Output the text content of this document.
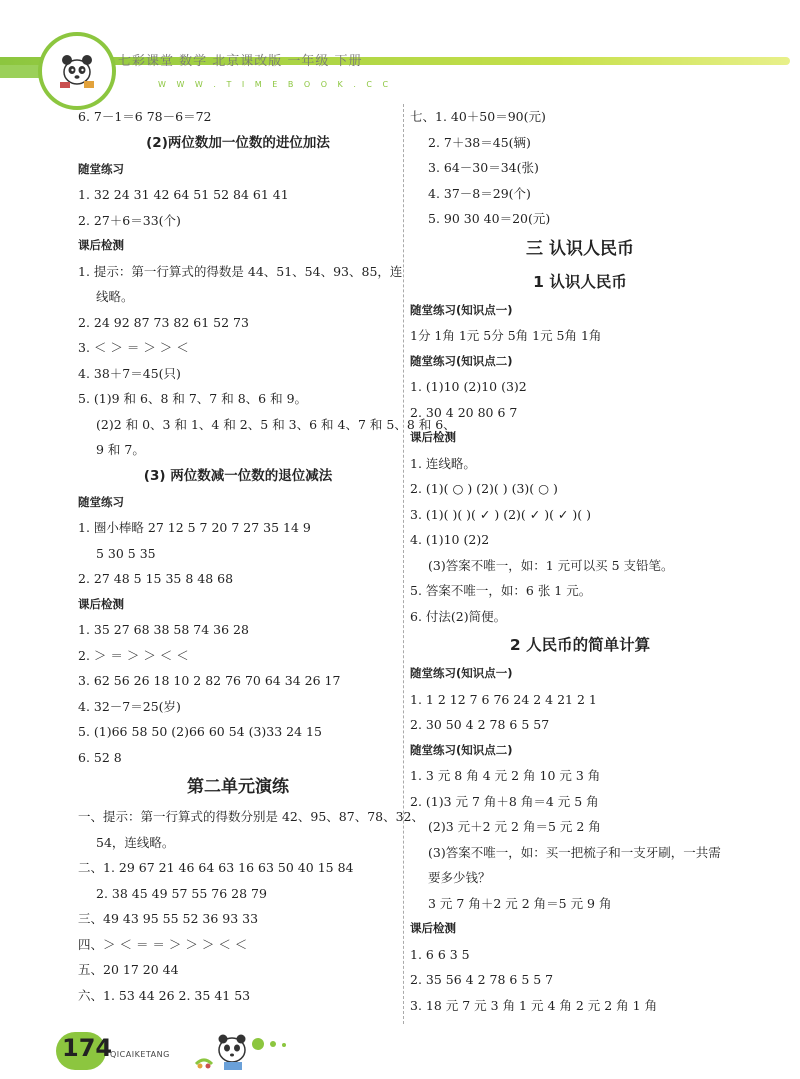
七彩课堂 数学 北京课改版 一年级 下册
W W W . T I M E B O O K . C C
6. 7－1＝6 78－6＝72
(2)两位数加一位数的进位加法
随堂练习
1. 32 24 31 42 64 51 52 84 61 41
2. 27＋6＝33(个)
课后检测
1. 提示：第一行算式的得数是 44、51、54、93、85，连
线略。
2. 24 92 87 73 82 61 52 73
3. ＜ ＞ ＝ ＞ ＞ ＜
4. 38＋7＝45(只)
5. (1)9 和 6、8 和 7、7 和 8、6 和 9。
(2)2 和 0、3 和 1、4 和 2、5 和 3、6 和 4、7 和 5、8 和 6、
9 和 7。
(3) 两位数减一位数的退位减法
随堂练习
1. 圈小棒略 27 12 5 7 20 7 27 35 14 9
5 30 5 35
2. 27 48 5 15 35 8 48 68
课后检测
1. 35 27 68 38 58 74 36 28
2. ＞ ＝ ＞ ＞ ＜ ＜
3. 62 56 26 18 10 2 82 76 70 64 34 26 17
4. 32－7＝25(岁)
5. (1)66 58 50 (2)66 60 54 (3)33 24 15
6. 52 8
第二单元演练
一、提示：第一行算式的得数分别是 42、95、87、78、32、
54，连线略。
二、1. 29 67 21 46 64 63 16 63 50 40 15 84
2. 38 45 49 57 55 76 28 79
三、49 43 95 55 52 36 93 33
四、＞ ＜ ＝ ＝ ＞ ＞ ＞ ＜ ＜
五、20 17 20 44
六、1. 53 44 26 2. 35 41 53
七、1. 40＋50＝90(元)
2. 7＋38＝45(辆)
3. 64－30＝34(张)
4. 37－8＝29(个)
5. 90 30 40＝20(元)
三 认识人民币
1 认识人民币
随堂练习(知识点一)
1分 1角 1元 5分 5角 1元 5角 1角
随堂练习(知识点二)
1. (1)10 (2)10 (3)2
2. 30 4 20 80 6 7
课后检测
1. 连线略。
2. (1)( ○ ) (2)( ) (3)( ○ )
3. (1)( )( )( ✓ ) (2)( ✓ )( ✓ )( )
4. (1)10 (2)2
(3)答案不唯一，如：1 元可以买 5 支铅笔。
5. 答案不唯一，如：6 张 1 元。
6. 付法(2)简便。
2 人民币的简单计算
随堂练习(知识点一)
1. 1 2 12 7 6 76 24 2 4 21 2 1
2. 30 50 4 2 78 6 5 57
随堂练习(知识点二)
1. 3 元 8 角 4 元 2 角 10 元 3 角
2. (1)3 元 7 角＋8 角＝4 元 5 角
(2)3 元＋2 元 2 角＝5 元 2 角
(3)答案不唯一，如：买一把梳子和一支牙刷，一共需
要多少钱？
3 元 7 角＋2 元 2 角＝5 元 9 角
课后检测
1. 6 6 3 5
2. 35 56 4 2 78 6 5 5 7
3. 18 元 7 元 3 角 1 元 4 角 2 元 2 角 1 角
174
QICAIKETANG
